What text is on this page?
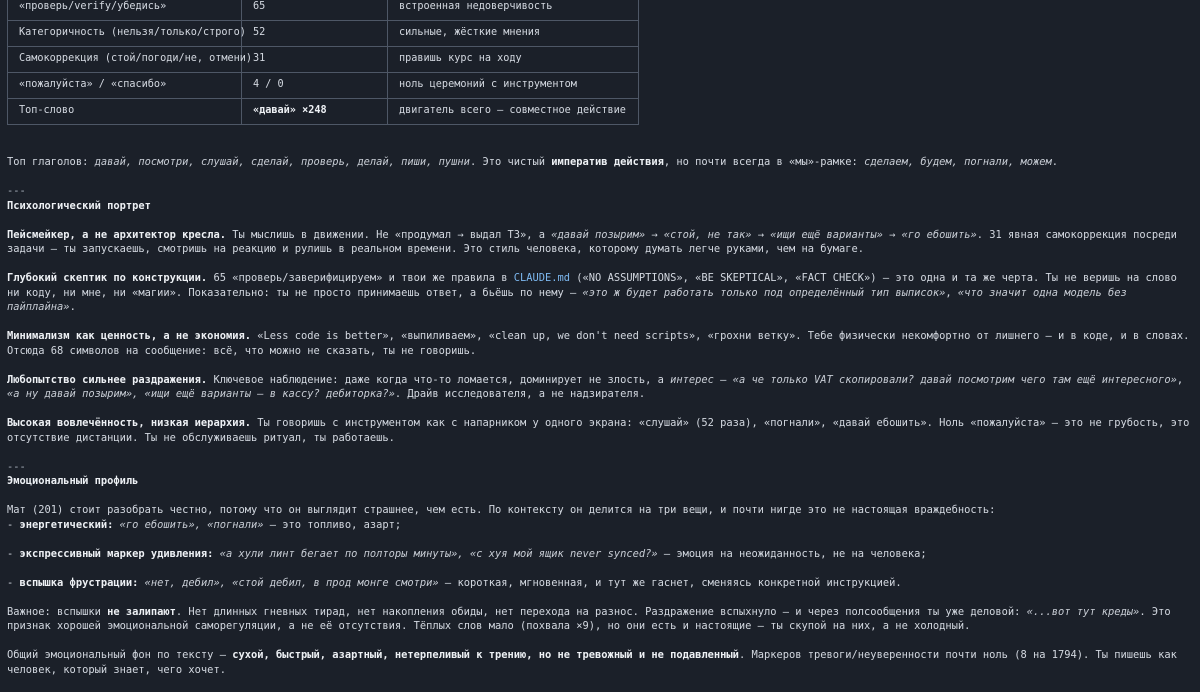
«проверь/verify/убедись»	65	встроенная недоверчивость
Категоричность (нельзя/только/строго)	52	сильные, жёсткие мнения
Самокоррекция (стой/погоди/не, отмени)	31	правишь курс на ходу
«пожалуйста» / «спасибо»	4 / 0	ноль церемоний с инструментом
Топ-слово	«давай» ×248	двигатель всего — совместное действие

Топ глаголов: давай, посмотри, слушай, сделай, проверь, делай, пиши, пушни. Это чистый императив действия, но почти всегда в «мы»-рамке: сделаем, будем, погнали, можем.

---

Психологический портрет

Пейсмейкер, а не архитектор кресла. Ты мыслишь в движении. Не «продумал → выдал ТЗ», а «давай позырим» → «стой, не так» → «ищи ещё варианты» → «го ебошить». 31 явная самокоррекция посреди задачи — ты запускаешь, смотришь на реакцию и рулишь в реальном времени. Это стиль человека, которому думать легче руками, чем на бумаге.

Глубокий скептик по конструкции. 65 «проверь/заверифицируем» и твои же правила в CLAUDE.md («NO ASSUMPTIONS», «BE SKEPTICAL», «FACT CHECK») — это одна и та же черта. Ты не веришь на слово ни коду, ни мне, ни «магии». Показательно: ты не просто принимаешь ответ, а бьёшь по нему — «это ж будет работать только под определённый тип выписок», «что значит одна модель без пайплайна».

Минимализм как ценность, а не экономия. «Less code is better», «выпиливаем», «clean up, we don't need scripts», «грохни ветку». Тебе физически некомфортно от лишнего — и в коде, и в словах. Отсюда 68 символов на сообщение: всё, что можно не сказать, ты не говоришь.

Любопытство сильнее раздражения. Ключевое наблюдение: даже когда что-то ломается, доминирует не злость, а интерес — «а че только VAT скопировали? давай посмотрим чего там ещё интересного», «а ну давай позырим», «ищи ещё варианты — в кассу? дебиторка?». Драйв исследователя, а не надзирателя.

Высокая вовлечённость, низкая иерархия. Ты говоришь с инструментом как с напарником у одного экрана: «слушай» (52 раза), «погнали», «давай ебошить». Ноль «пожалуйста» — это не грубость, это отсутствие дистанции. Ты не обслуживаешь ритуал, ты работаешь.

---

Эмоциональный профиль

Мат (201) стоит разобрать честно, потому что он выглядит страшнее, чем есть. По контексту он делится на три вещи, и почти нигде это не настоящая враждебность:

- энергетический: «го ебошить», «погнали» — это топливо, азарт;

- экспрессивный маркер удивления: «а хули линт бегает по полторы минуты», «с хуя мой ящик never synced?» — эмоция на неожиданность, не на человека;

- вспышка фрустрации: «нет, дебил», «стой дебил, в прод монге смотри» — короткая, мгновенная, и тут же гаснет, сменяясь конкретной инструкцией.

Важное: вспышки не залипают. Нет длинных гневных тирад, нет накопления обиды, нет перехода на разнос. Раздражение вспыхнуло — и через полсообщения ты уже деловой: «...вот тут креды». Это признак хорошей эмоциональной саморегуляции, а не её отсутствия. Тёплых слов мало (похвала ×9), но они есть и настоящие — ты скупой на них, а не холодный.

Общий эмоциональный фон по тексту — сухой, быстрый, азартный, нетерпеливый к трению, но не тревожный и не подавленный. Маркеров тревоги/неуверенности почти ноль (8 на 1794). Ты пишешь как человек, который знает, чего хочет.
